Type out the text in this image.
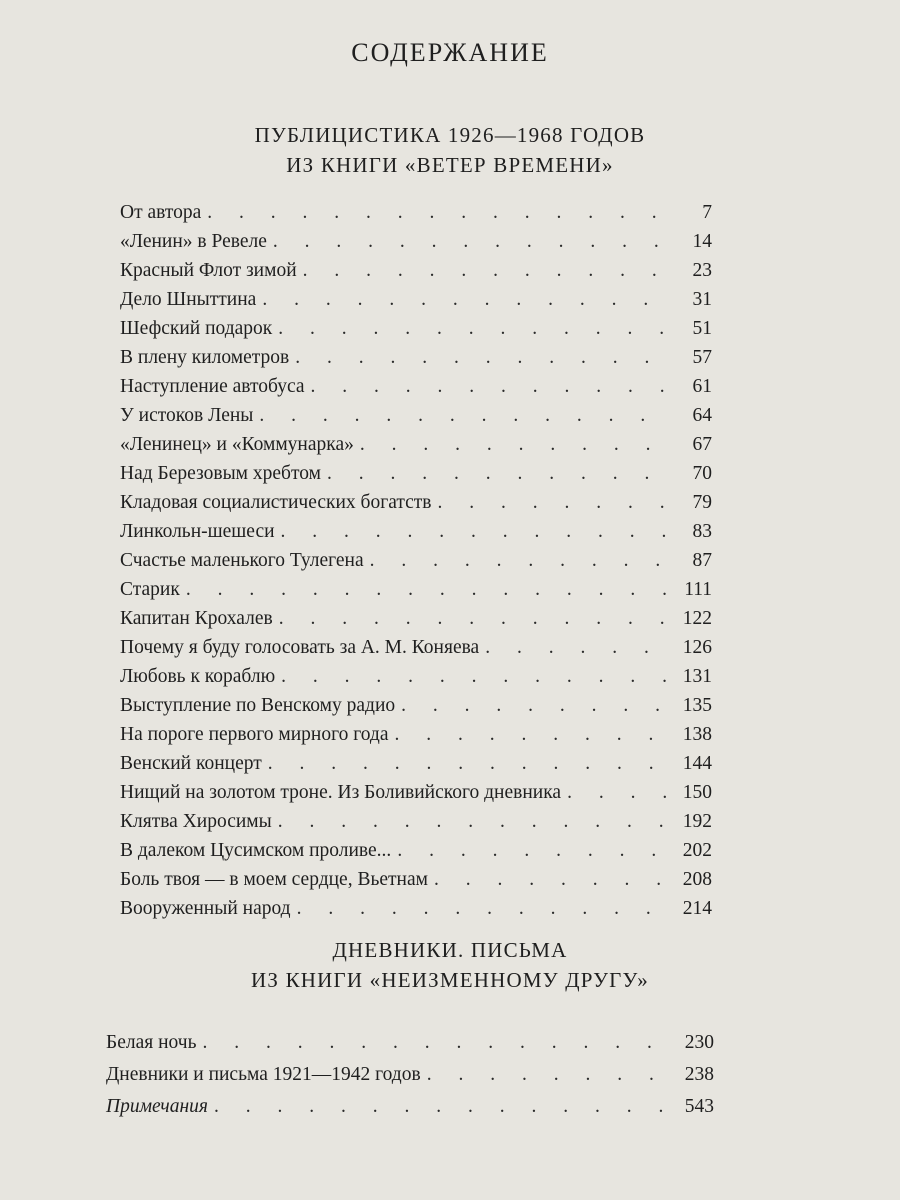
СОДЕРЖАНИЕ
ПУБЛИЦИСТИКА 1926—1968 ГОДОВ
ИЗ КНИГИ «ВЕТЕР ВРЕМЕНИ»
От автора . . .	7
«Ленин» в Ревеле . . .	14
Красный Флот зимой . . .	23
Дело Шныттина . . .	31
Шефский подарок . . .	51
В плену километров . . .	57
Наступление автобуса . . .	61
У истоков Лены . . .	64
«Ленинец» и «Коммунарка» . . .	67
Над Березовым хребтом . . .	70
Кладовая социалистических богатств . . .	79
Линкольн-шешеси . . .	83
Счастье маленького Тулегена . . .	87
Старик . . .	111
Капитан Крохалев . . .	122
Почему я буду голосовать за А. М. Коняева . . .	126
Любовь к кораблю . . .	131
Выступление по Венскому радио . . .	135
На пороге первого мирного года . . .	138
Венский концерт . . .	144
Нищий на золотом троне. Из Боливийского дневника . . .	150
Клятва Хиросимы . . .	192
В далеком Цусимском проливе... . . .	202
Боль твоя — в моем сердце, Вьетнам . . .	208
Вооруженный народ . . .	214
ДНЕВНИКИ. ПИСЬМА
ИЗ КНИГИ «НЕИЗМЕННОМУ ДРУГУ»
Белая ночь . . .	230
Дневники и письма 1921—1942 годов . . .	238
Примечания . . .	543
